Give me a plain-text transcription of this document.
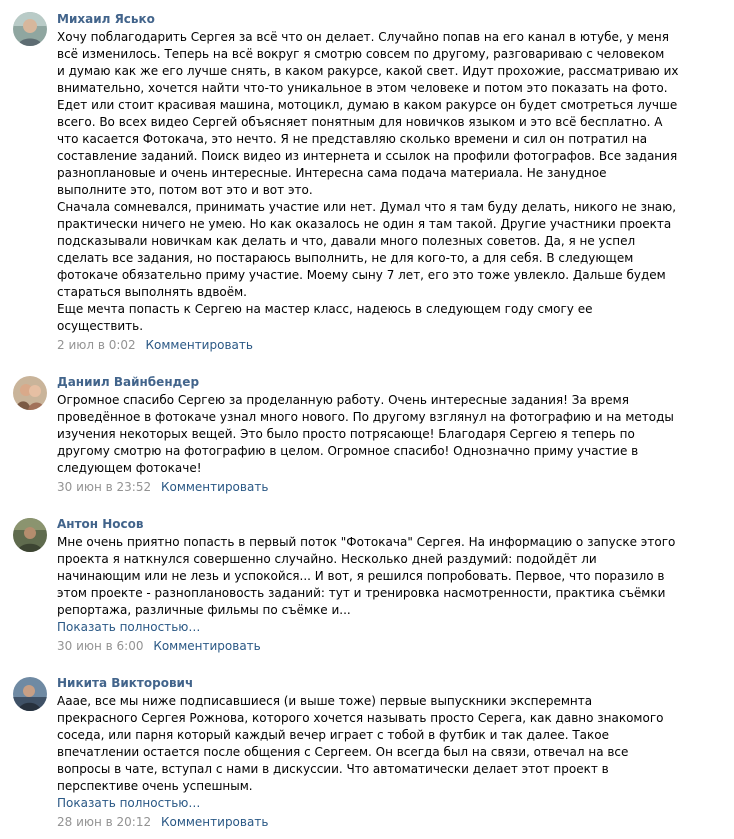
Михаил Ясько
Хочу поблагодарить Сергея за всё что он делает. Случайно попав на его канал в ютубе, у меня
всё изменилось. Теперь на всё вокруг я смотрю совсем по другому, разговариваю с человеком
и думаю как же его лучше снять, в каком ракурсе, какой свет. Идут прохожие, рассматриваю их
внимательно, хочется найти что-то уникальное в этом человеке и потом это показать на фото.
Едет или стоит красивая машина, мотоцикл, думаю в каком ракурсе он будет смотреться лучше
всего. Во всех видео Сергей объясняет понятным для новичков языком и это всё бесплатно. А
что касается Фотокача, это нечто. Я не представляю сколько времени и сил он потратил на
составление заданий. Поиск видео из интернета и ссылок на профили фотографов. Все задания
разноплановые и очень интересные. Интересна сама подача материала. Не занудное
выполните это, потом вот это и вот это.
Сначала сомневался, принимать участие или нет. Думал что я там буду делать, никого не знаю,
практически ничего не умею. Но как оказалось не один я там такой. Другие участники проекта
подсказывали новичкам как делать и что, давали много полезных советов. Да, я не успел
сделать все задания, но постараюсь выполнить, не для кого-то, а для себя. В следующем
фотокаче обязательно приму участие. Моему сыну 7 лет, его это тоже увлекло. Дальше будем
стараться выполнять вдвоём.
Еще мечта попасть к Сергею на мастер класс, надеюсь в следующем году смогу ее
осуществить.
2 июл в 0:02 Комментировать
Даниил Вайнбендер
Огромное спасибо Сергею за проделанную работу. Очень интересные задания! За время
проведённое в фотокаче узнал много нового. По другому взглянул на фотографию и на методы
изучения некоторых вещей. Это было просто потрясающе! Благодаря Сергею я теперь по
другому смотрю на фотографию в целом. Огромное спасибо! Однозначно приму участие в
следующем фотокаче!
30 июн в 23:52 Комментировать
Антон Носов
Мне очень приятно попасть в первый поток "Фотокача" Сергея. На информацию о запуске этого
проекта я наткнулся совершенно случайно. Несколько дней раздумий: подойдёт ли
начинающим или не лезь и успокойся... И вот, я решился попробовать. Первое, что поразило в
этом проекте - разноплановость заданий: тут и тренировка насмотренности, практика съёмки
репортажа, различные фильмы по съёмке и...
Показать полностью…
30 июн в 6:00 Комментировать
Никита Викторович
Аааe, все мы ниже подписавшиеся (и выше тоже) первые выпускники эксперемнта
прекрасного Сергея Рожнова, которого хочется называть просто Серега, как давно знакомого
соседа, или парня который каждый вечер играет с тобой в футбик и так далее. Такое
впечатлении остается после общения с Сергеем. Он всегда был на связи, отвечал на все
вопросы в чате, вступал с нами в дискуссии. Что автоматически делает этот проект в
перспективе очень успешным.
Показать полностью…
28 июн в 20:12 Комментировать
